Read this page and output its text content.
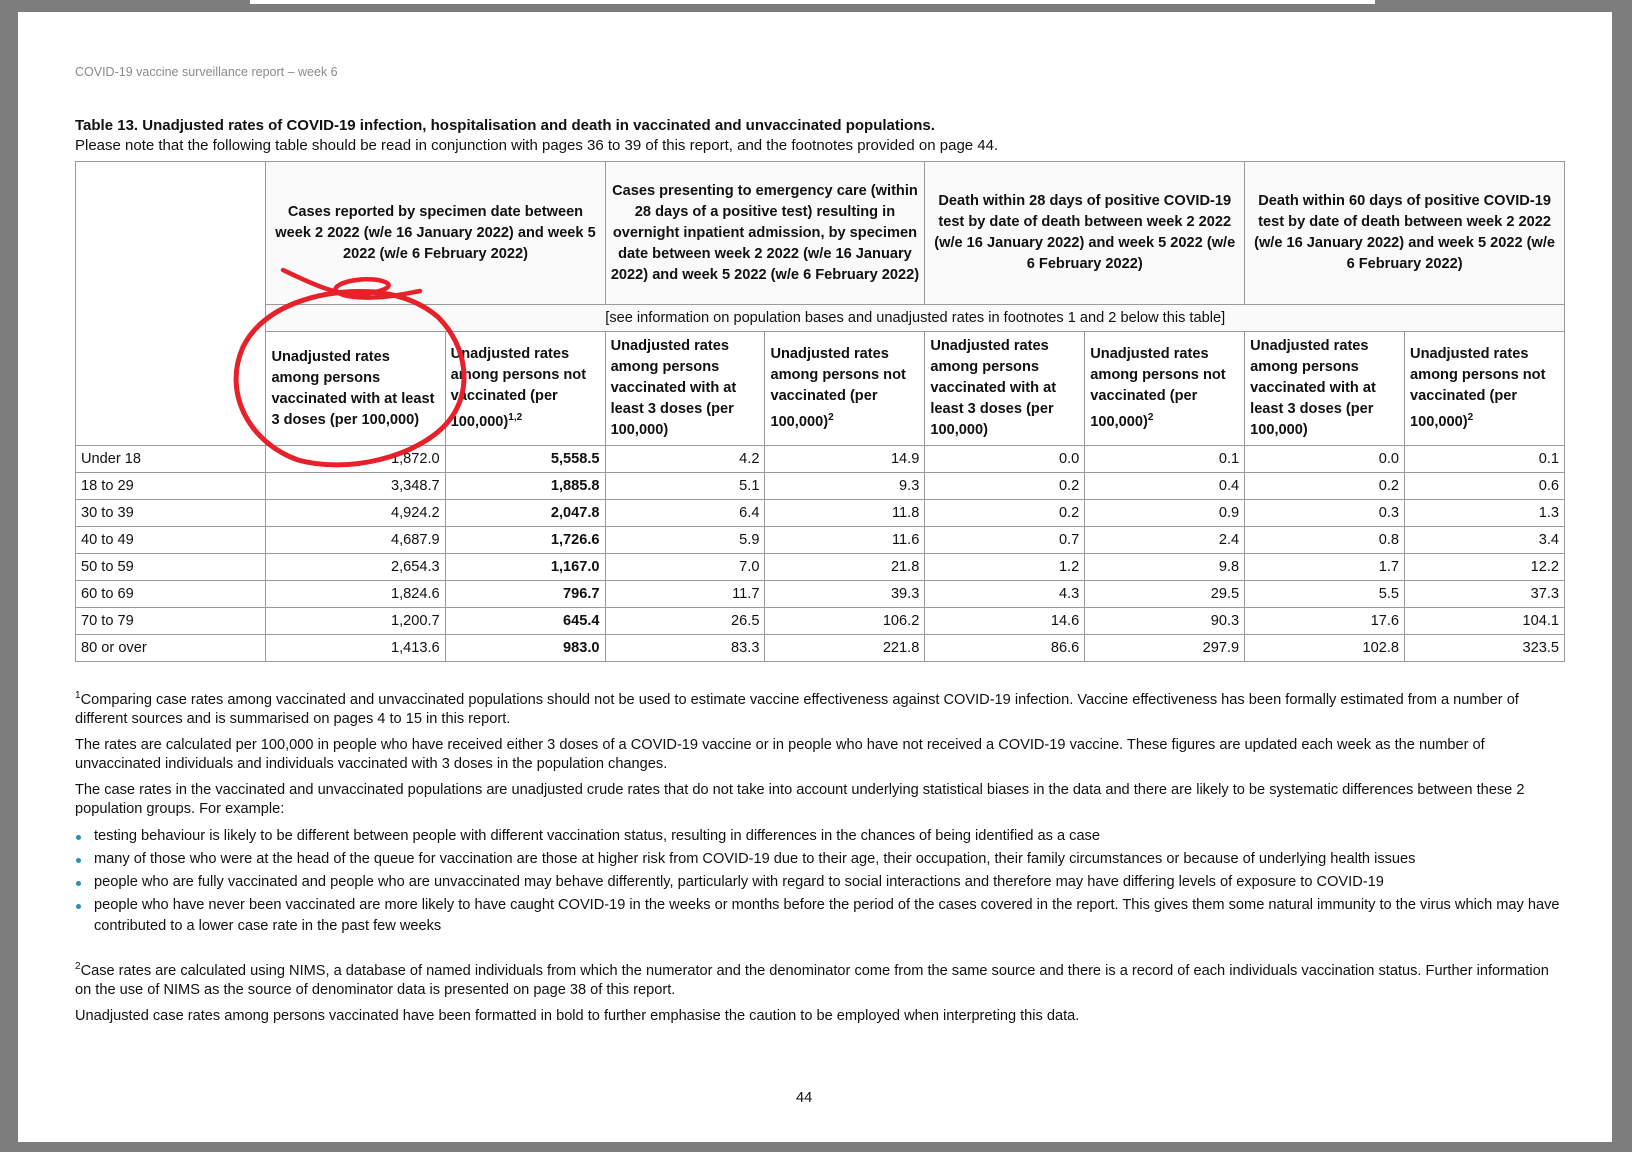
COVID-19 vaccine surveillance report – week 6
Table 13. Unadjusted rates of COVID-19 infection, hospitalisation and death in vaccinated and unvaccinated populations.
Please note that the following table should be read in conjunction with pages 36 to 39 of this report, and the footnotes provided on page 44.
	Cases reported by specimen date between week 2 2022 (w/e 16 January 2022) and week 5 2022 (w/e 6 February 2022)		Cases presenting to emergency care (within 28 days of a positive test) resulting in overnight inpatient admission, by specimen date between week 2 2022 (w/e 16 January 2022) and week 5 2022 (w/e 6 February 2022)		Death within 28 days of positive COVID-19 test by date of death between week 2 2022 (w/e 16 January 2022) and week 5 2022 (w/e 6 February 2022)		Death within 60 days of positive COVID-19 test by date of death between week 2 2022 (w/e 16 January 2022) and week 5 2022 (w/e 6 February 2022)	
	[see information on population bases and unadjusted rates in footnotes 1 and 2 below this table]							
	Unadjusted rates among persons vaccinated with at least 3 doses (per 100,000)	Unadjusted rates among persons not vaccinated (per 100,000)$^{1,2}$	Unadjusted rates among persons vaccinated with at least 3 doses (per 100,000)	Unadjusted rates among persons not vaccinated (per 100,000)$^2$	Unadjusted rates among persons vaccinated with at least 3 doses (per 100,000)	Unadjusted rates among persons not vaccinated (per 100,000)$^2$	Unadjusted rates among persons vaccinated with at least 3 doses (per 100,000)	Unadjusted rates among persons not vaccinated (per 100,000)$^2$
Under 18	1,872.0	5,558.5	4.2	14.9	0.0	0.1	0.0	0.1
18 to 29	3,348.7	1,885.8	5.1	9.3	0.2	0.4	0.2	0.6
30 to 39	4,924.2	2,047.8	6.4	11.8	0.2	0.9	0.3	1.3
40 to 49	4,687.9	1,726.6	5.9	11.6	0.7	2.4	0.8	3.4
50 to 59	2,654.3	1,167.0	7.0	21.8	1.2	9.8	1.7	12.2
60 to 69	1,824.6	796.7	11.7	39.3	4.3	29.5	5.5	37.3
70 to 79	1,200.7	645.4	26.5	106.2	14.6	90.3	17.6	104.1
80 or over	1,413.6	983.0	83.3	221.8	86.6	297.9	102.8	323.5

$^1$Comparing case rates among vaccinated and unvaccinated populations should not be used to estimate vaccine effectiveness against COVID-19 infection. Vaccine effectiveness has been formally estimated from a number of different sources and is summarised on pages 4 to 15 in this report.

The rates are calculated per 100,000 in people who have received either 3 doses of a COVID-19 vaccine or in people who have not received a COVID-19 vaccine. These figures are updated each week as the number of unvaccinated individuals and individuals vaccinated with 3 doses in the population changes.

The case rates in the vaccinated and unvaccinated populations are unadjusted crude rates that do not take into account underlying statistical biases in the data and there are likely to be systematic differences between these 2 population groups. For example:

testing behaviour is likely to be different between people with different vaccination status, resulting in differences in the chances of being identified as a case
many of those who were at the head of the queue for vaccination are those at higher risk from COVID-19 due to their age, their occupation, their family circumstances or because of underlying health issues
people who are fully vaccinated and people who are unvaccinated may behave differently, particularly with regard to social interactions and therefore may have differing levels of exposure to COVID-19
people who have never been vaccinated are more likely to have caught COVID-19 in the weeks or months before the period of the cases covered in the report. This gives them some natural immunity to the virus which may have contributed to a lower case rate in the past few weeks

$^2$Case rates are calculated using NIMS, a database of named individuals from which the numerator and the denominator come from the same source and there is a record of each individuals vaccination status. Further information on the use of NIMS as the source of denominator data is presented on page 38 of this report.

Unadjusted case rates among persons vaccinated have been formatted in bold to further emphasise the caution to be employed when interpreting this data.

44
